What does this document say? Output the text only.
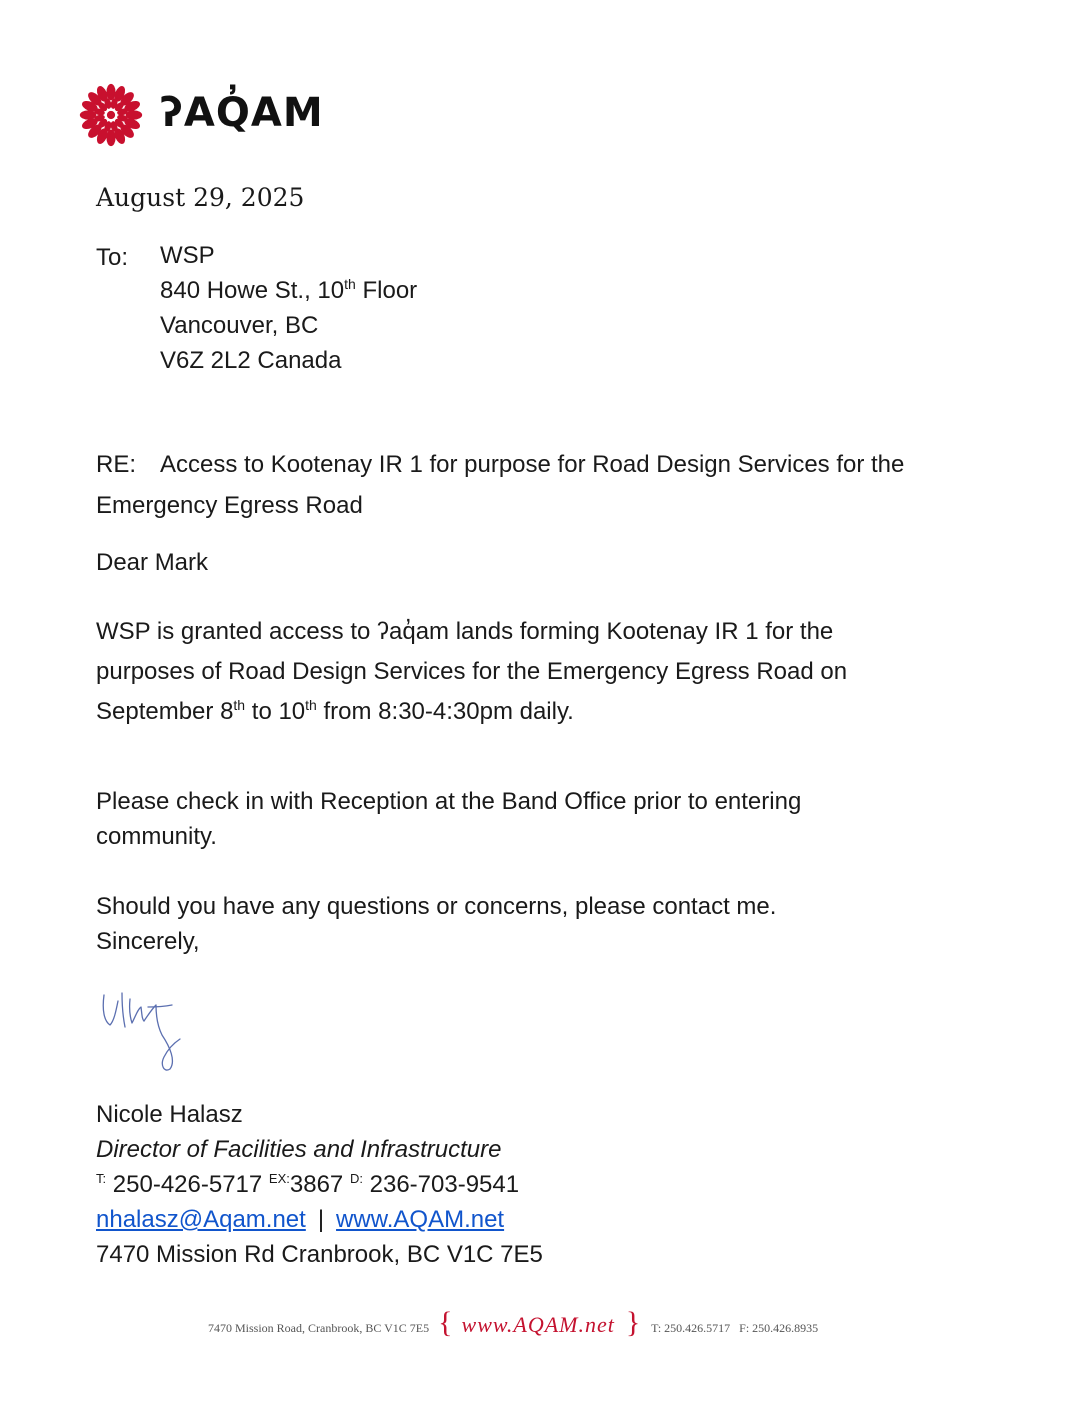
ʔAQ̓AM
August 29, 2025
To: WSP
840 Howe St., 10th Floor
Vancouver, BC
V6Z 2L2 Canada
RE: Access to Kootenay IR 1 for purpose for Road Design Services for the
Emergency Egress Road
Dear Mark
WSP is granted access to ʔaq̓am lands forming Kootenay IR 1 for the
purposes of Road Design Services for the Emergency Egress Road on
September 8th to 10th from 8:30-4:30pm daily.
Please check in with Reception at the Band Office prior to entering
community.
Should you have any questions or concerns, please contact me.
Sincerely,
Nicole Halasz
Director of Facilities and Infrastructure
$^{T:}$ 250-426-5717 $^{EX:}$3867 $^{D:}$ 236-703-9541
nhalasz@Aqam.net | www.AQAM.net
7470 Mission Rd Cranbrook, BC V1C 7E5
7470 Mission Road, Cranbrook, BC V1C 7E5 { www.AQAM.net } T: 250.426.5717 F: 250.426.8935
